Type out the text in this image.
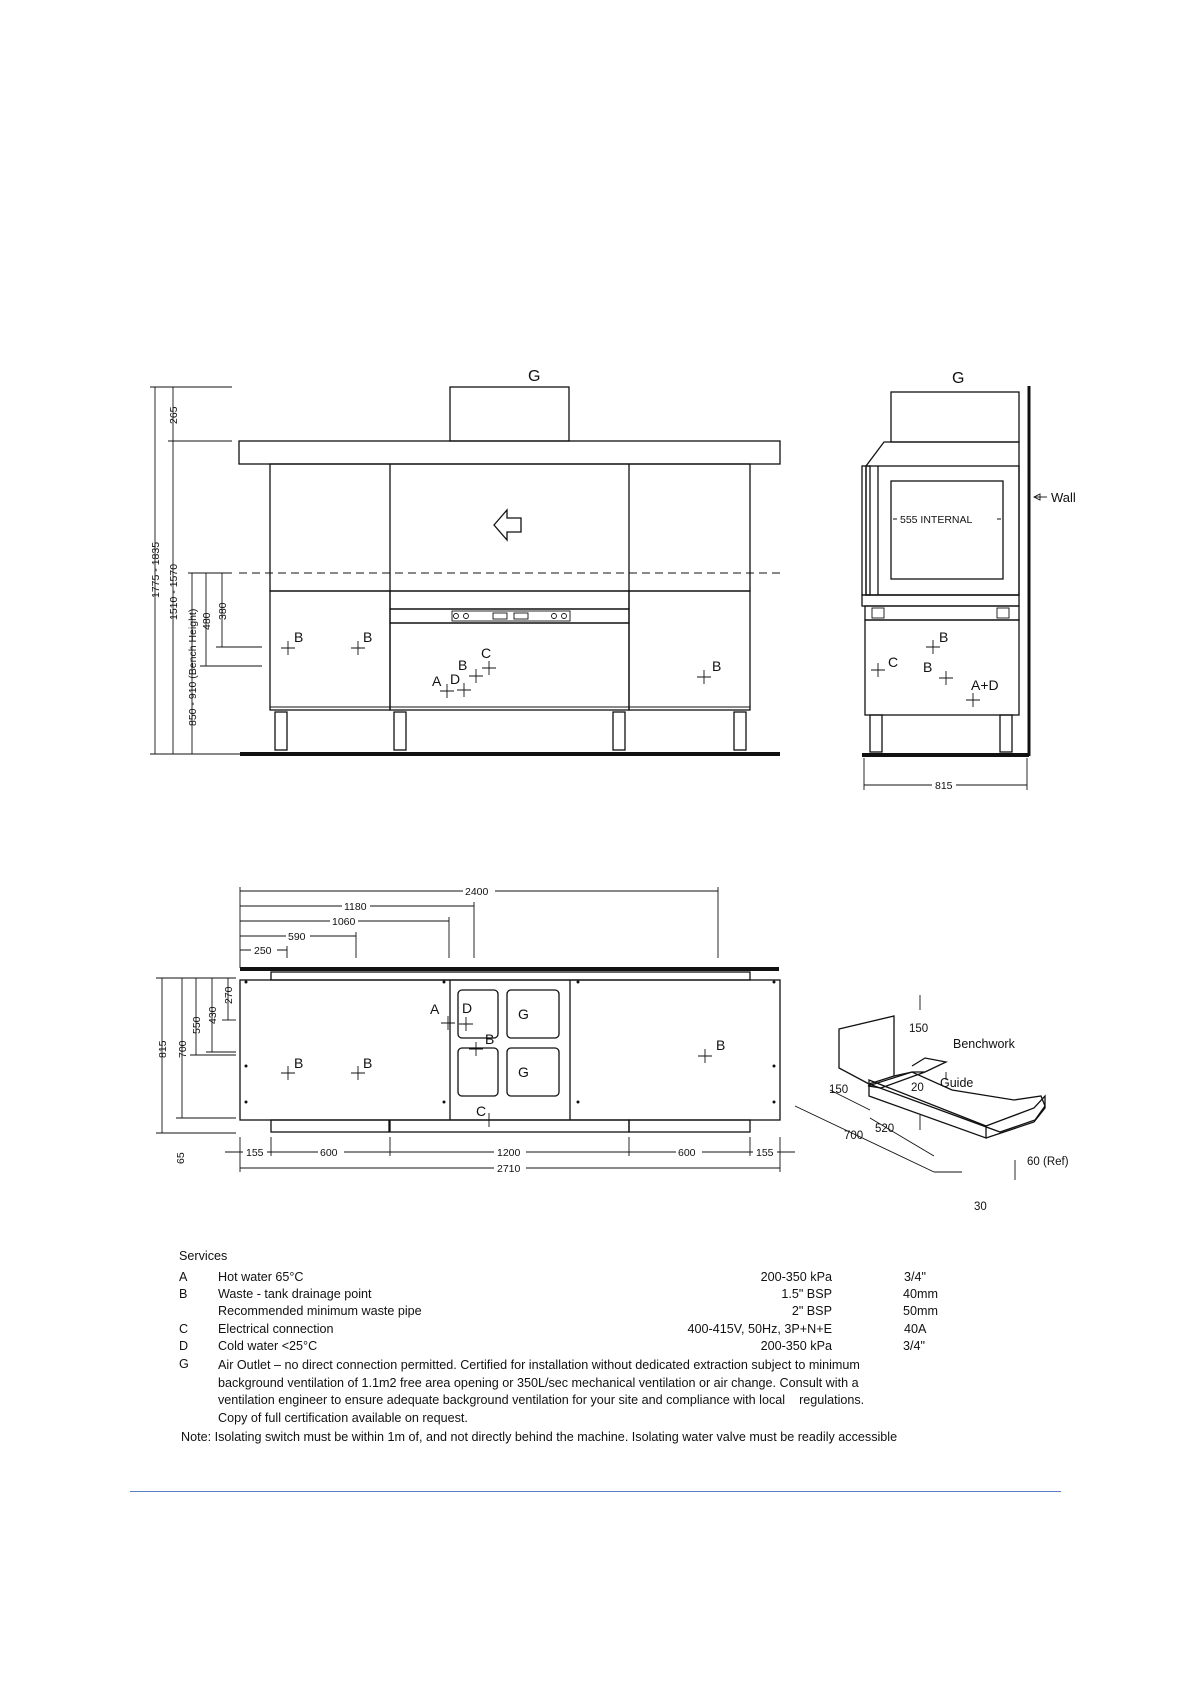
G
B	B
B
B
C
A D
265
1775 - 1835 1510 - 1570
480
380
850 - 910 (Bench Height)
G
Wall
555 INTERNAL
B
C B
A+D
815
A D	G
B
G
B	B
B
C
2400
1180
1060
590
250
815 700
550
430
270
65	155	600	1200	600	155
2710
150
Benchwork
Guide
150	20
520
700
30
60 (Ref)
Services
A Hot water 65°C	200-350 kPa	3/4"
B Waste - tank drainage point	1.5" BSP	40mm
Recommended minimum waste pipe	2" BSP	50mm
C Electrical connection	400-415V, 50Hz, 3P+N+E	40A
D Cold water <25°C	200-350 kPa	3/4"
G Air Outlet – no direct connection permitted. Certified for installation without dedicated extraction subject to minimum
background ventilation of 1.1m2 free area opening or 350L/sec mechanical ventilation or air change. Consult with a
ventilation engineer to ensure adequate background ventilation for your site and compliance with local    regulations.
Copy of full certification available on request.
Note: Isolating switch must be within 1m of, and not directly behind the machine. Isolating water valve must be readily accessible
